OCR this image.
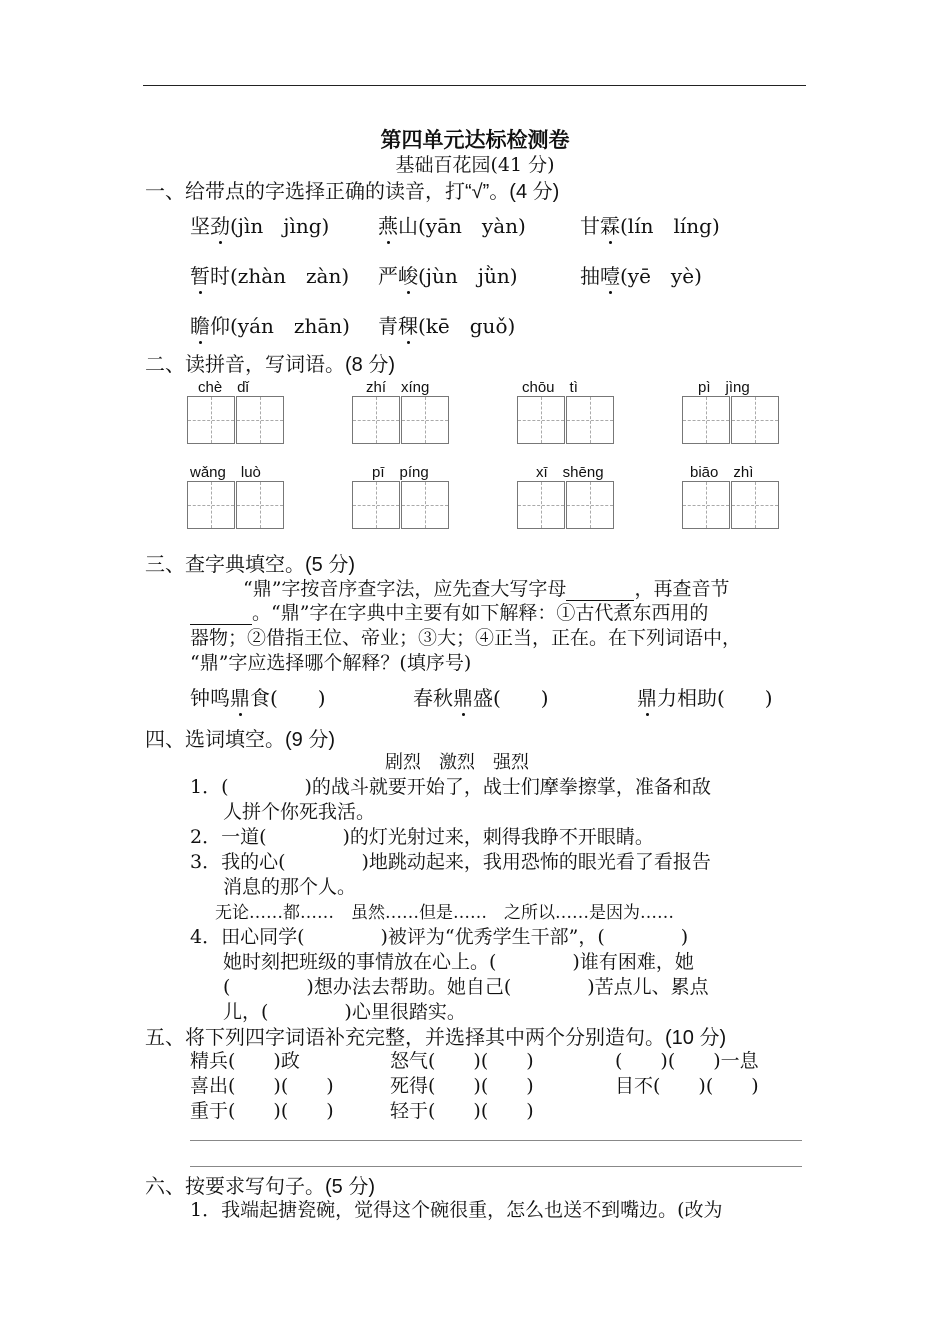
第四单元达标检测卷
基础百花园(41 分)
一、给带点的字选择正确的读音，打“√”。(4 分)
坚劲(jìn　jìng) 燕山(yān　yàn)	甘霖(lín　líng)
暂时(zhàn　zàn) 严峻(jùn　jǜn)	抽噎(yē　yè)
瞻仰(yán　zhān) 青稞(kē　guǒ)
二、读拼音，写词语。(8 分)
chè　dǐ	zhí　xíng	chōu　tì	pì　jìng
wǎng　luò	pī　píng	xī　shēng	biāo　zhì
三、查字典填空。(5 分)
“鼎”字按音序查字法，应先查大写字母	，再查音节
。“鼎”字在字典中主要有如下解释：①古代煮东西用的
器物；②借指王位、帝业；③大；④正当，正在。在下列词语中，
“鼎”字应选择哪个解释？(填序号)
钟鸣鼎食(　　)	春秋鼎盛(　　)	鼎力相助(　　)
四、选词填空。(9 分)
剧烈　激烈　强烈
1．(　　　　)的战斗就要开始了，战士们摩拳擦掌，准备和敌
人拼个你死我活。
2．一道(　　　　)的灯光射过来，刺得我睁不开眼睛。
3．我的心(　　　　)地跳动起来，我用恐怖的眼光看了看报告
消息的那个人。
无论……都……　虽然……但是……　之所以……是因为……
4．田心同学(　　　　)被评为“优秀学生干部”，(　　　　)
她时刻把班级的事情放在心上。(　　　　)谁有困难，她
(　　　　)想办法去帮助。她自己(　　　　)苦点儿、累点
儿，(　　　　)心里很踏实。
五、将下列四字词语补充完整，并选择其中两个分别造句。(10 分)
精兵(　　)政	怒气(　　)(　　)	(　　)(　　)一息
喜出(　　)(　　)	死得(　　)(　　)	目不(　　)(　　)
重于(　　)(　　)	轻于(　　)(　　)
六、按要求写句子。(5 分)
1．我端起搪瓷碗，觉得这个碗很重，怎么也送不到嘴边。(改为
